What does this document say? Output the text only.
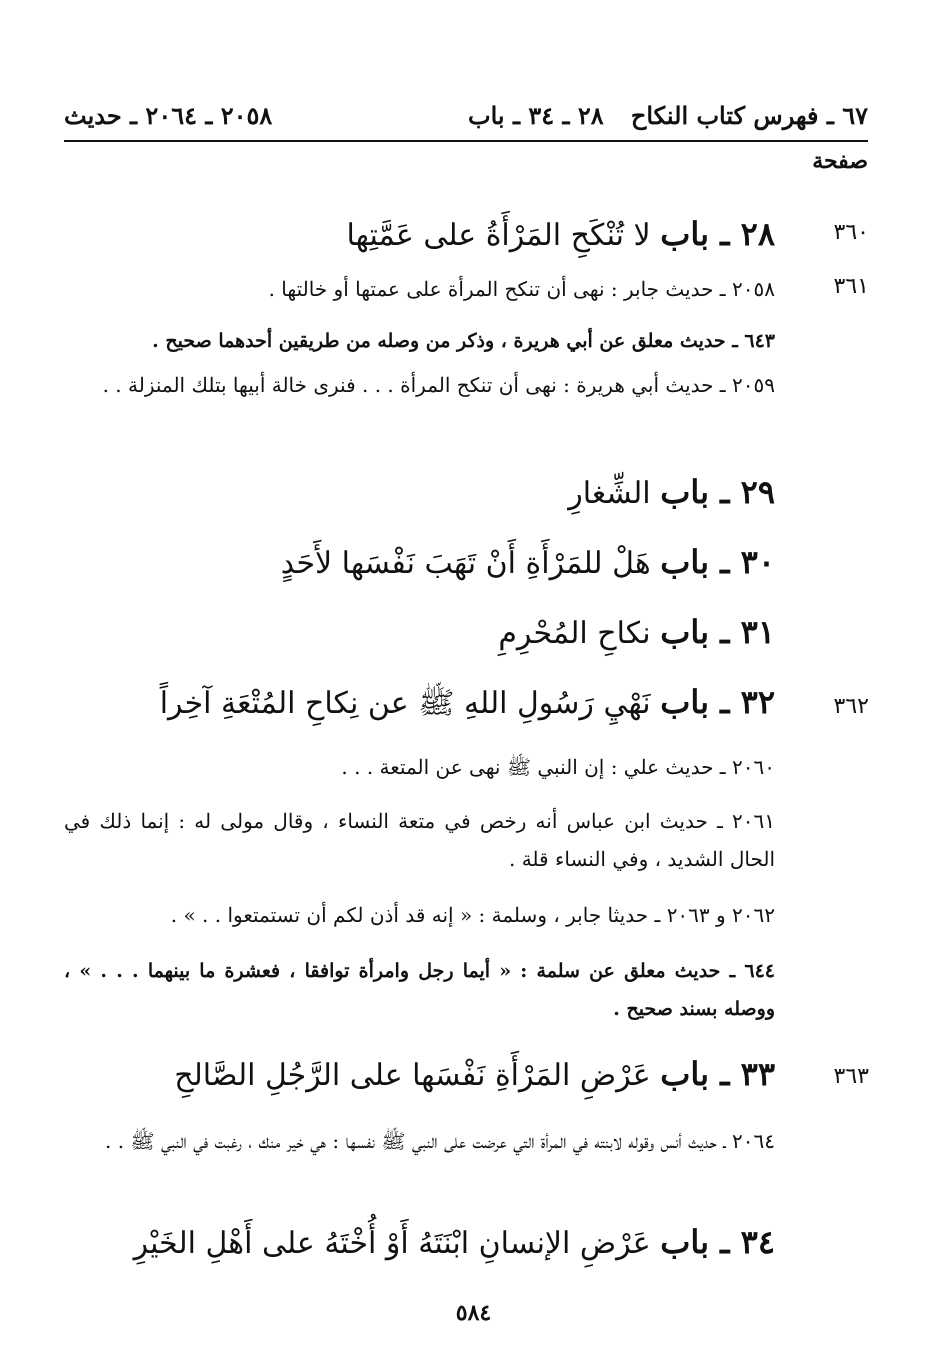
٦٧ ـ فهرس كتاب النكاح
٢٨ ـ ٣٤ ـ باب
٢٠٥٨ ـ ٢٠٦٤ ـ حديث
صفحة
٣٦٠
٢٨ ـ باب لا تُنْكَحِ المَرْأَةُ على عَمَّتِها
٣٦١
٢٠٥٨ ـ حديث جابر : نهى أن تنكح المرأة على عمتها أو خالتها .
٦٤٣ ـ حديث معلق عن أبي هريرة ، وذكر من وصله من طريقين أحدهما صحيح .
٢٠٥٩ ـ حديث أبي هريرة : نهى أن تنكح المرأة . . . فنرى خالة أبيها بتلك المنزلة . .
٢٩ ـ باب الشِّغارِ
٣٠ ـ باب هَلْ للمَرْأَةِ أَنْ تَهَبَ نَفْسَها لأَحَدٍ
٣١ ـ باب نكاحِ المُحْرِمِ
٣٦٢
٣٢ ـ باب نَهْيِ رَسُولِ اللهِ ﷺ عن نِكاحِ المُتْعَةِ آخِراً
٢٠٦٠ ـ حديث علي : إن النبي ﷺ نهى عن المتعة . . .
٢٠٦١ ـ حديث ابن عباس أنه رخص في متعة النساء ، وقال مولى له : إنما ذلك في الحال الشديد ، وفي النساء قلة .
٢٠٦٢ و ٢٠٦٣ ـ حديثا جابر ، وسلمة : « إنه قد أذن لكم أن تستمتعوا . . » .
٦٤٤ ـ حديث معلق عن سلمة : « أيما رجل وامرأة توافقا ، فعشرة ما بينهما . . . » ، ووصله بسند صحيح .
٣٦٣
٣٣ ـ باب عَرْضِ المَرْأَةِ نَفْسَها على الرَّجُلِ الصَّالحِ
٢٠٦٤ ـ حديث أنس وقوله لابنته في المرأة التي عرضت على النبي ﷺ نفسها : هي خير منك ، رغبت في النبي ﷺ . .
٣٤ ـ باب عَرْضِ الإنسانِ ابْنَتَهُ أَوْ أُخْتَهُ على أَهْلِ الخَيْرِ
٥٨٤
